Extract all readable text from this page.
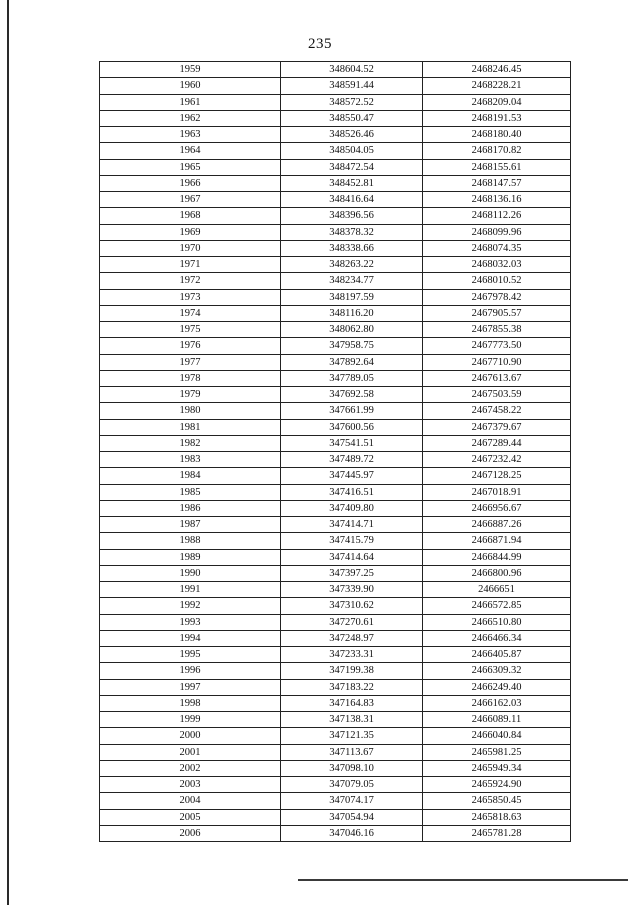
235
1959	348604.52	2468246.45
1960	348591.44	2468228.21
1961	348572.52	2468209.04
1962	348550.47	2468191.53
1963	348526.46	2468180.40
1964	348504.05	2468170.82
1965	348472.54	2468155.61
1966	348452.81	2468147.57
1967	348416.64	2468136.16
1968	348396.56	2468112.26
1969	348378.32	2468099.96
1970	348338.66	2468074.35
1971	348263.22	2468032.03
1972	348234.77	2468010.52
1973	348197.59	2467978.42
1974	348116.20	2467905.57
1975	348062.80	2467855.38
1976	347958.75	2467773.50
1977	347892.64	2467710.90
1978	347789.05	2467613.67
1979	347692.58	2467503.59
1980	347661.99	2467458.22
1981	347600.56	2467379.67
1982	347541.51	2467289.44
1983	347489.72	2467232.42
1984	347445.97	2467128.25
1985	347416.51	2467018.91
1986	347409.80	2466956.67
1987	347414.71	2466887.26
1988	347415.79	2466871.94
1989	347414.64	2466844.99
1990	347397.25	2466800.96
1991	347339.90	2466651
1992	347310.62	2466572.85
1993	347270.61	2466510.80
1994	347248.97	2466466.34
1995	347233.31	2466405.87
1996	347199.38	2466309.32
1997	347183.22	2466249.40
1998	347164.83	2466162.03
1999	347138.31	2466089.11
2000	347121.35	2466040.84
2001	347113.67	2465981.25
2002	347098.10	2465949.34
2003	347079.05	2465924.90
2004	347074.17	2465850.45
2005	347054.94	2465818.63
2006	347046.16	2465781.28
